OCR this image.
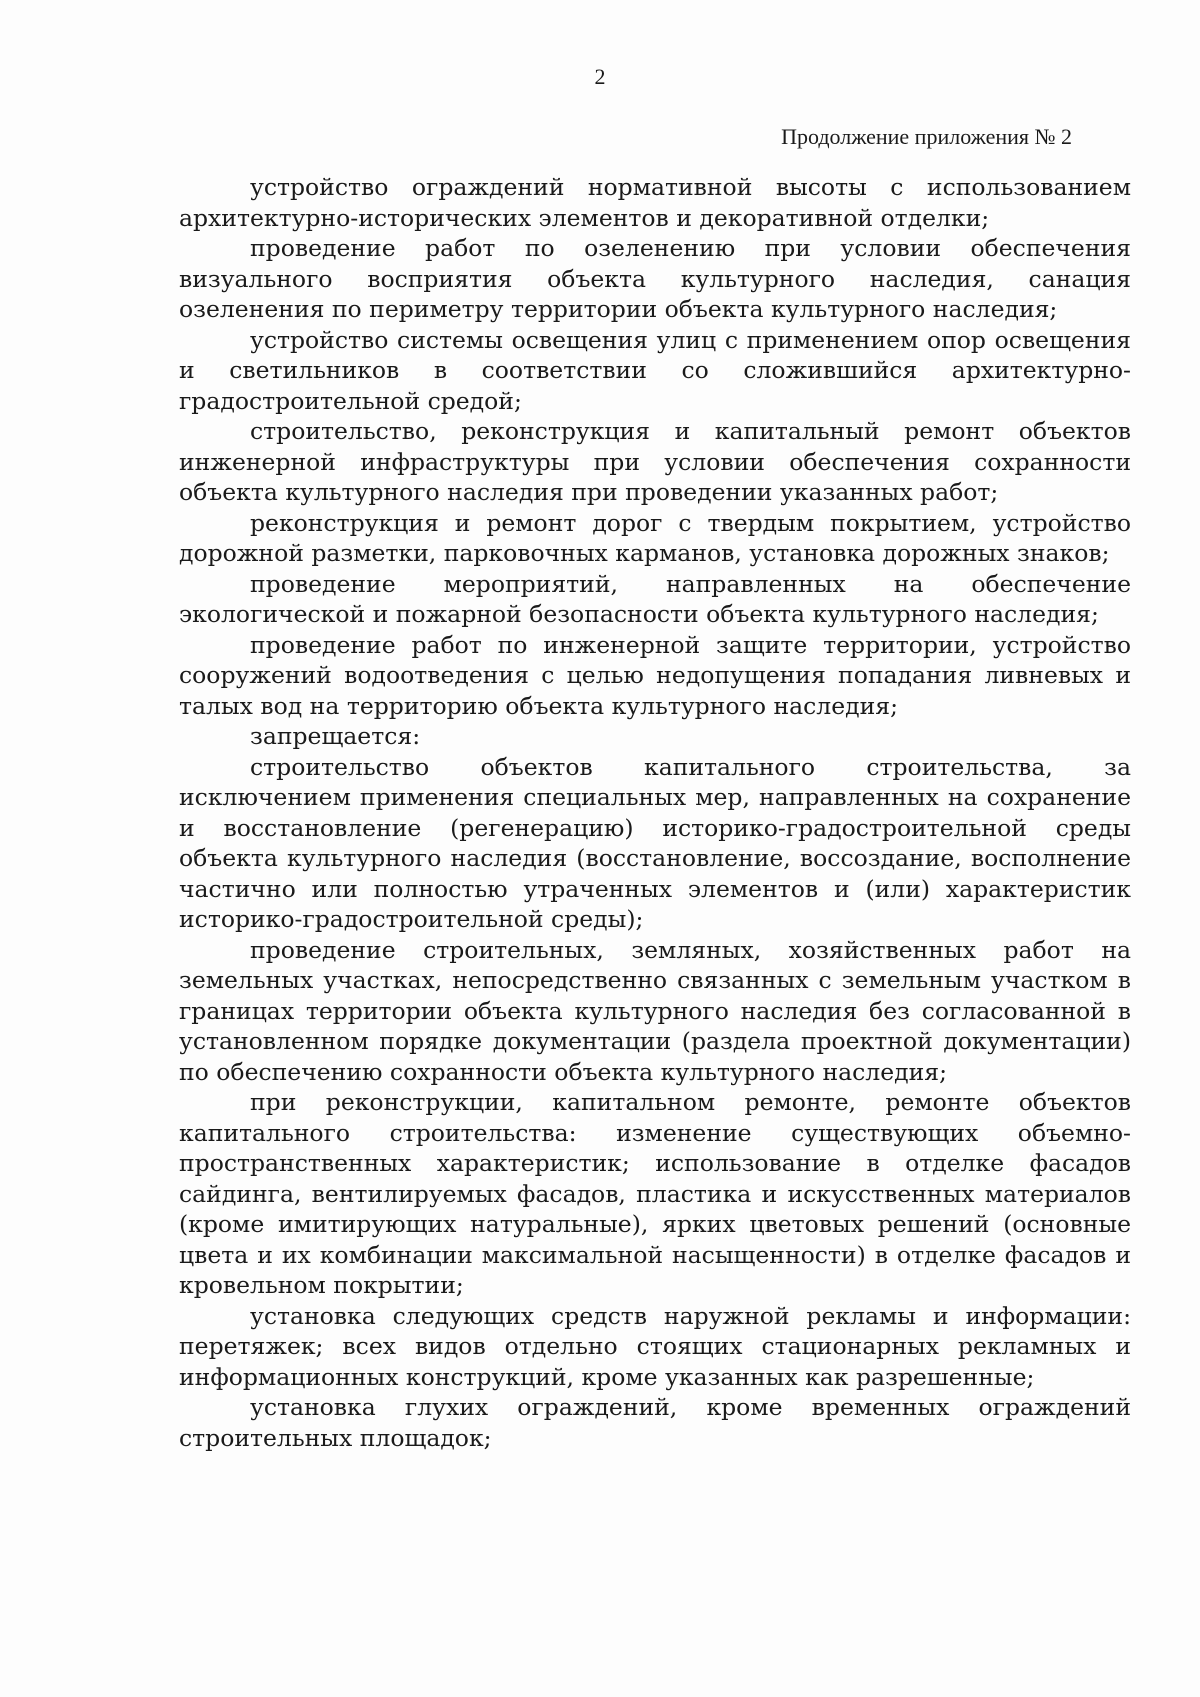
2
Продолжение приложения № 2

устройство ограждений нормативной высоты с использованием архитектурно-исторических элементов и декоративной отделки;

проведение работ по озеленению при условии обеспечения визуального восприятия объекта культурного наследия, санация озеленения по периметру территории объекта культурного наследия;

устройство системы освещения улиц с применением опор освещения и светильников в соответствии со сложившийся архитектурно-градостроительной средой;

строительство, реконструкция и капитальный ремонт объектов инженерной инфраструктуры при условии обеспечения сохранности объекта культурного наследия при проведении указанных работ;

реконструкция и ремонт дорог с твердым покрытием, устройство дорожной разметки, парковочных карманов, установка дорожных знаков;

проведение мероприятий, направленных на обеспечение экологической и пожарной безопасности объекта культурного наследия;

проведение работ по инженерной защите территории, устройство сооружений водоотведения с целью недопущения попадания ливневых и талых вод на территорию объекта культурного наследия;

запрещается:

строительство объектов капитального строительства, за исключением применения специальных мер, направленных на сохранение и восстановление (регенерацию) историко-градостроительной среды объекта культурного наследия (восстановление, воссоздание, восполнение частично или полностью утраченных элементов и (или) характеристик историко-градостроительной среды);

проведение строительных, земляных, хозяйственных работ на земельных участках, непосредственно связанных с земельным участком в границах территории объекта культурного наследия без согласованной в установленном порядке документации (раздела проектной документации) по обеспечению сохранности объекта культурного наследия;

при реконструкции, капитальном ремонте, ремонте объектов капитального строительства: изменение существующих объемно-пространственных характеристик; использование в отделке фасадов сайдинга, вентилируемых фасадов, пластика и искусственных материалов (кроме имитирующих натуральные), ярких цветовых решений (основные цвета и их комбинации максимальной насыщенности) в отделке фасадов и кровельном покрытии;

установка следующих средств наружной рекламы и информации: перетяжек; всех видов отдельно стоящих стационарных рекламных и информационных конструкций, кроме указанных как разрешенные;

установка глухих ограждений, кроме временных ограждений строительных площадок;
